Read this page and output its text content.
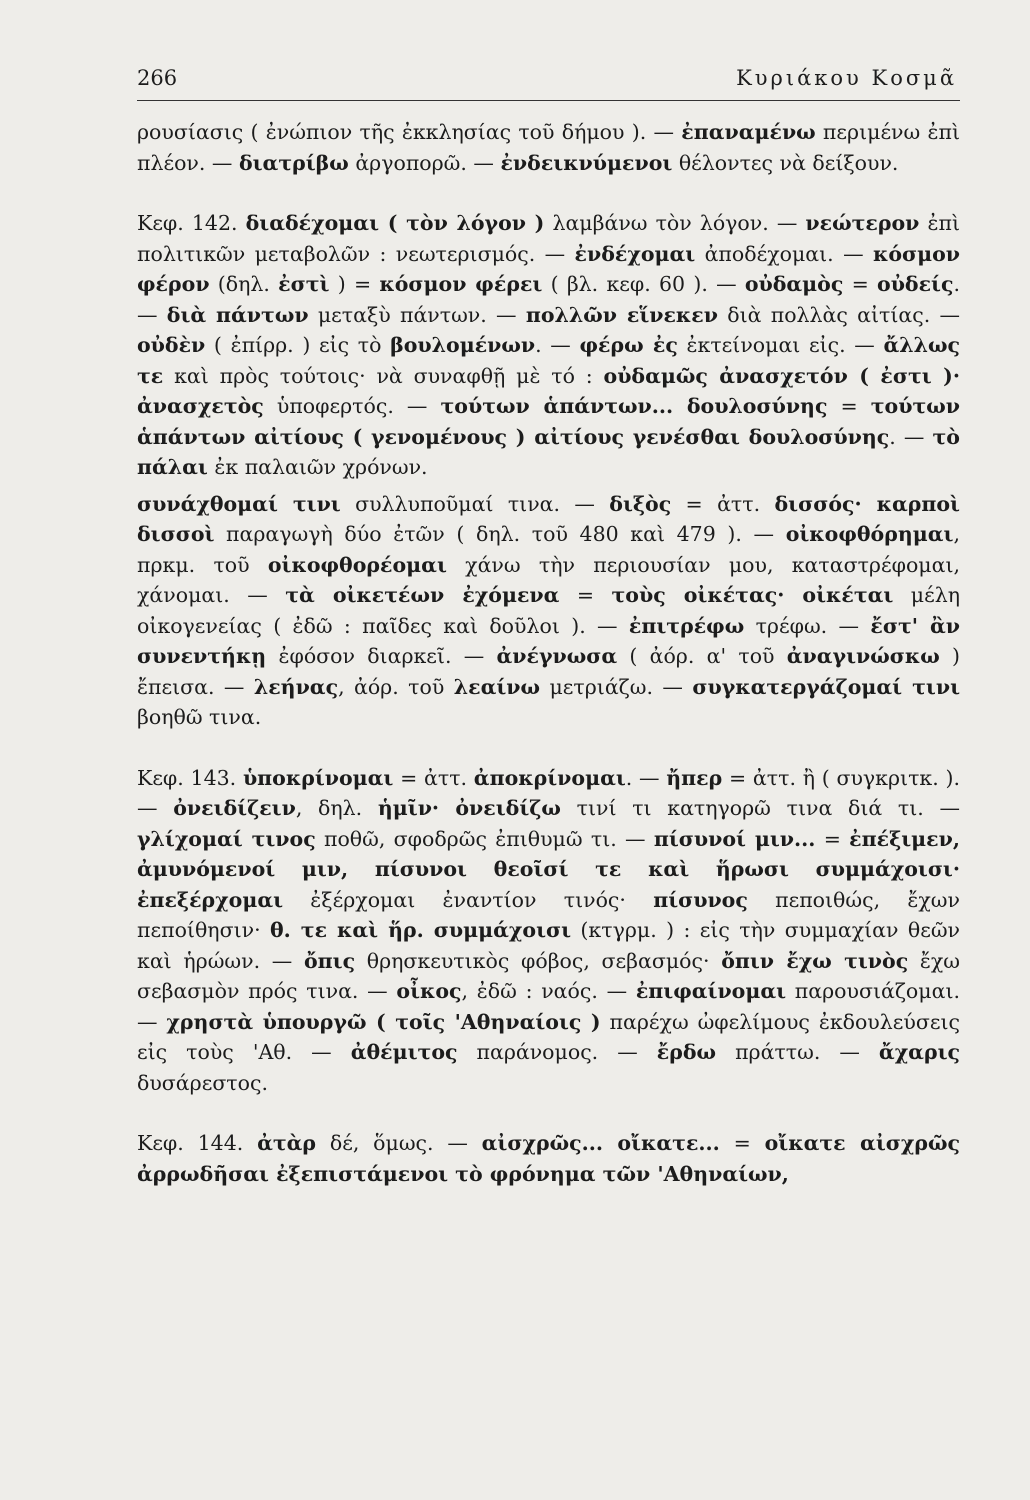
266	Κυριάκου Κοσμᾶ

ρουσίασις ( ἐνώπιον τῆς ἐκκλησίας τοῦ δήμου ). — ἐπαναμένω περιμένω ἐπὶ πλέον. — διατρίβω ἀργοπορῶ. — ἐνδεικνύμενοι θέλοντες νὰ δείξουν.

Κεφ. 142. διαδέχομαι ( τὸν λόγον ) λαμβάνω τὸν λόγον. — νεώτερον ἐπὶ πολιτικῶν μεταβολῶν : νεωτερισμός. — ἐνδέχομαι ἀποδέχομαι. — κόσμον φέρον (δηλ. ἐστὶ ) = κόσμον φέρει ( βλ. κεφ. 60 ). — οὐδαμὸς = οὐδείς. — διὰ πάντων μεταξὺ πάντων. — πολλῶν εἵνεκεν διὰ πολλὰς αἰτίας. — οὐδὲν ( ἐπίρρ. ) εἰς τὸ βουλομένων. — φέρω ἐς ἐκτείνομαι εἰς. — ἄλλως τε καὶ πρὸς τούτοις· νὰ συναφθῇ μὲ τό : οὐδαμῶς ἀνασχετόν ( ἐστι )· ἀνασχετὸς ὑποφερτός. — τούτων ἁπάντων... δουλοσύνης = τούτων ἁπάντων αἰτίους ( γενομένους ) αἰτίους γενέσθαι δουλοσύνης. — τὸ πάλαι ἐκ παλαιῶν χρόνων.

συνάχθομαί τινι συλλυποῦμαί τινα. — διξὸς = ἀττ. δισσός· καρποὶ δισσοὶ παραγωγὴ δύο ἐτῶν ( δηλ. τοῦ 480 καὶ 479 ). — οἰκοφθόρημαι, πρκμ. τοῦ οἰκοφθορέομαι χάνω τὴν περιουσίαν μου, καταστρέφομαι, χάνομαι. — τὰ οἰκετέων ἐχόμενα = τοὺς οἰκέτας· οἰκέται μέλη οἰκογενείας ( ἐδῶ : παῖδες καὶ δοῦλοι ). — ἐπιτρέφω τρέφω. — ἔστ' ἂν συνεντήκῃ ἐφόσον διαρκεῖ. — ἀνέγνωσα ( ἀόρ. α' τοῦ ἀναγινώσκω ) ἔπεισα. — λεήνας, ἀόρ. τοῦ λεαίνω μετριάζω. — συγκατεργάζομαί τινι βοηθῶ τινα.

Κεφ. 143. ὑποκρίνομαι = ἀττ. ἀποκρίνομαι. — ἤπερ = ἀττ. ἢ ( συγκριτκ. ). — ὀνειδίζειν, δηλ. ἡμῖν· ὀνειδίζω τινί τι κατηγορῶ τινα διά τι. — γλίχομαί τινος ποθῶ, σφοδρῶς ἐπιθυμῶ τι. — πίσυνοί μιν... = ἐπέξιμεν, ἀμυνόμενοί μιν, πίσυνοι θεοῖσί τε καὶ ἥρωσι συμμάχοισι· ἐπεξέρχομαι ἐξέρχομαι ἐναντίον τινός· πίσυνος πεποιθώς, ἔχων πεποίθησιν· θ. τε καὶ ἥρ. συμμάχοισι (κτγρμ. ) : εἰς τὴν συμμαχίαν θεῶν καὶ ἡρώων. — ὄπις θρησκευτικὸς φόβος, σεβασμός· ὄπιν ἔχω τινὸς ἔχω σεβασμὸν πρός τινα. — οἶκος, ἐδῶ : ναός. — ἐπιφαίνομαι παρουσιάζομαι. — χρηστὰ ὑπουργῶ ( τοῖς 'Αθηναίοις ) παρέχω ὠφελίμους ἐκδουλεύσεις εἰς τοὺς 'Αθ. — ἀθέμιτος παράνομος. — ἔρδω πράττω. — ἄχαρις δυσάρεστος.

Κεφ. 144. ἀτὰρ δέ, ὅμως. — αἰσχρῶς... οἴκατε... = οἴκατε αἰσχρῶς ἀρρωδῆσαι ἐξεπιστάμενοι τὸ φρόνημα τῶν 'Αθηναίων,
